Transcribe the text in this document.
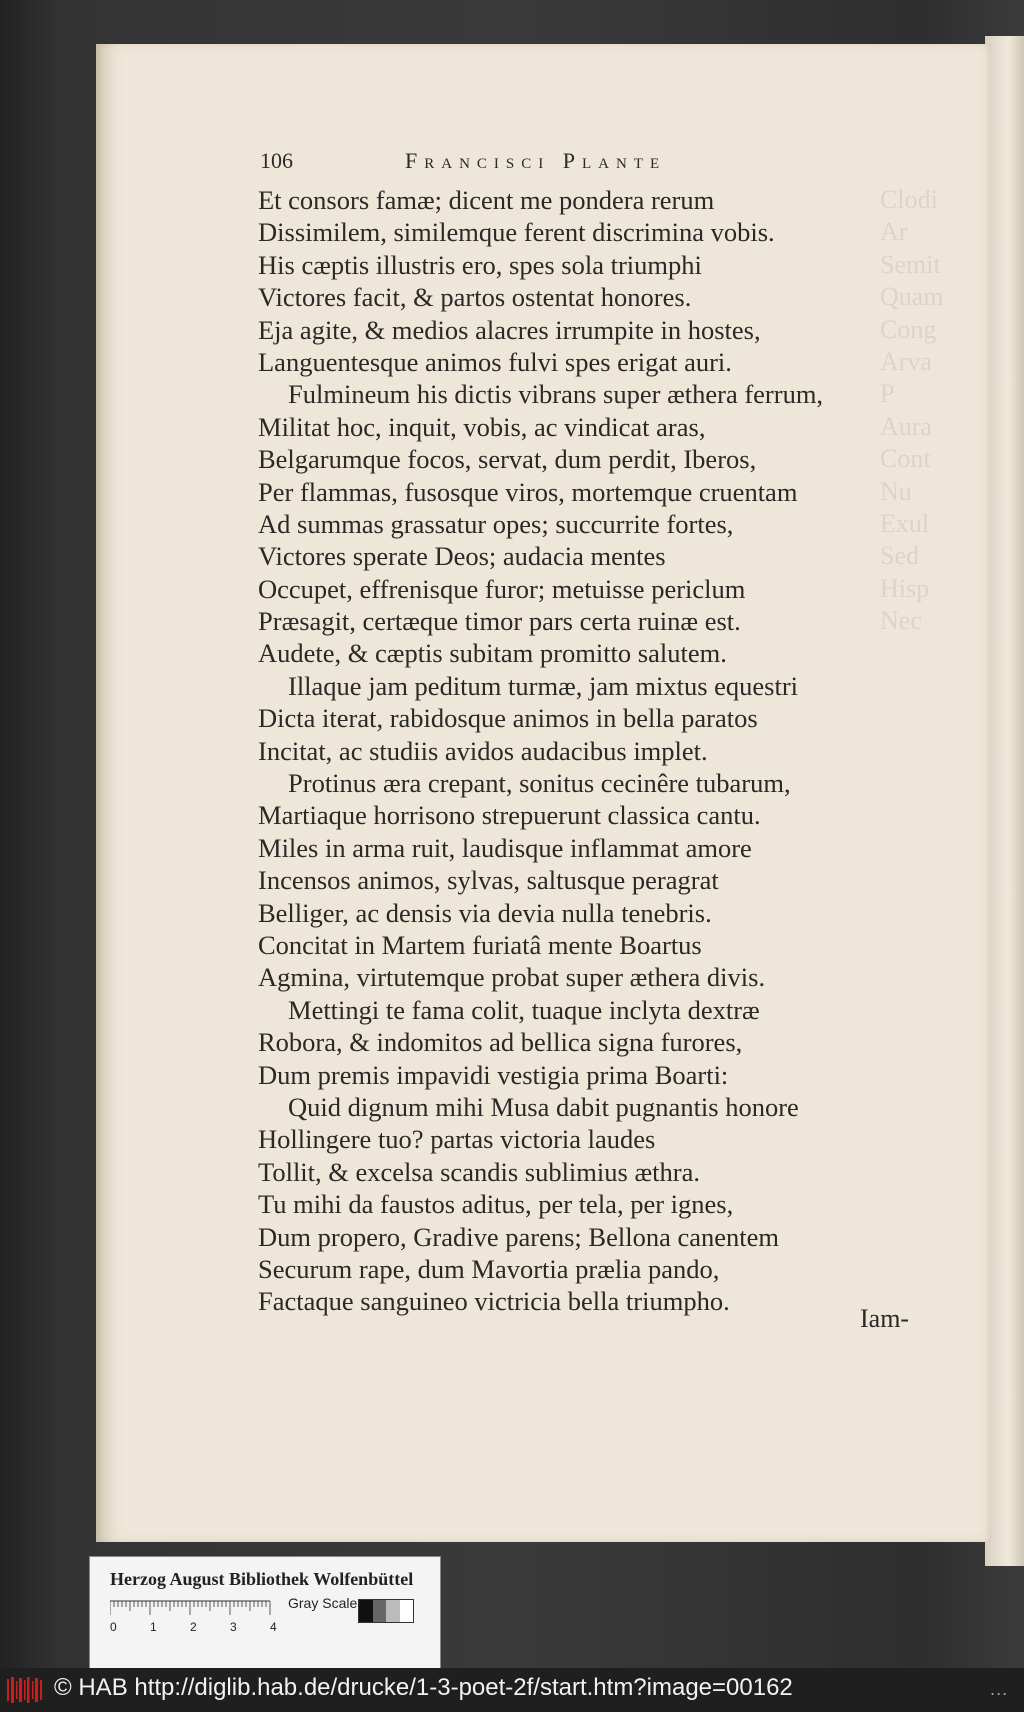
Clodi
Ar
Semit
Quam
Cong
Arva
P
Aura
Cont
Nu
Exul
Sed
Hisp
Nec
106	Francisci Plante
Et consors famæ; dicent me pondera rerum
Dissimilem, similemque ferent discrimina vobis.
His cæptis illustris ero, spes sola triumphi
Victores facit, & partos ostentat honores.
Eja agite, & medios alacres irrumpite in hostes,
Languentesque animos fulvi spes erigat auri.
Fulmineum his dictis vibrans super æthera ferrum,
Militat hoc, inquit, vobis, ac vindicat aras,
Belgarumque focos, servat, dum perdit, Iberos,
Per flammas, fusosque viros, mortemque cruentam
Ad summas grassatur opes; succurrite fortes,
Victores sperate Deos; audacia mentes
Occupet, effrenisque furor; metuisse periclum
Præsagit, certæque timor pars certa ruinæ est.
Audete, & cæptis subitam promitto salutem.
Illaque jam peditum turmæ, jam mixtus equestri
Dicta iterat, rabidosque animos in bella paratos
Incitat, ac studiis avidos audacibus implet.
Protinus æra crepant, sonitus cecinêre tubarum,
Martiaque horrisono strepuerunt classica cantu.
Miles in arma ruit, laudisque inflammat amore
Incensos animos, sylvas, saltusque peragrat
Belliger, ac densis via devia nulla tenebris.
Concitat in Martem furiatâ mente Boartus
Agmina, virtutemque probat super æthera divis.
Mettingi te fama colit, tuaque inclyta dextræ
Robora, & indomitos ad bellica signa furores,
Dum premis impavidi vestigia prima Boarti:
Quid dignum mihi Musa dabit pugnantis honore
Hollingere tuo? partas victoria laudes
Tollit, & excelsa scandis sublimius æthra.
Tu mihi da faustos aditus, per tela, per ignes,
Dum propero, Gradive parens; Bellona canentem
Securum rape, dum Mavortia prælia pando,
Factaque sanguineo victricia bella triumpho.
Iam-
Herzog August Bibliothek Wolfenbüttel
0	1	2	3	4
Gray Scale
© HAB http://diglib.hab.de/drucke/1-3-poet-2f/start.htm?image=00162	...
